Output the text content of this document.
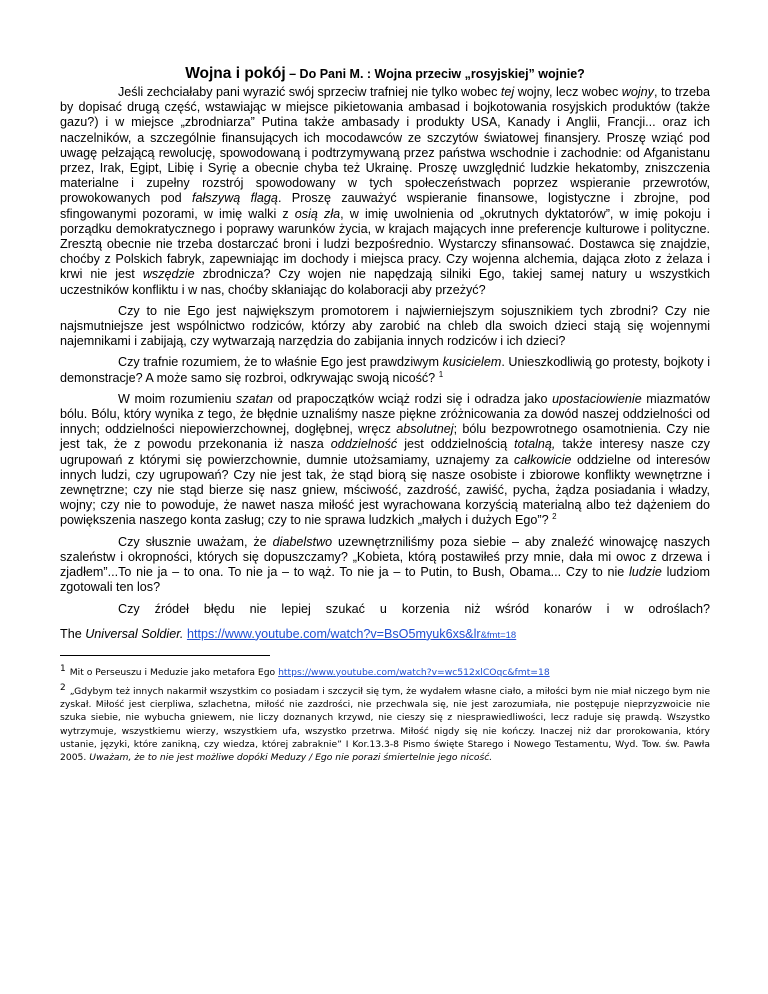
Wojna i pokój – Do Pani M. : Wojna przeciw „rosyjskiej” wojnie?

Jeśli zechciałaby pani wyrazić swój sprzeciw trafniej nie tylko wobec tej wojny, lecz wobec wojny, to trzeba by dopisać drugą część, wstawiając w miejsce pikietowania ambasad i bojkotowania rosyjskich produktów (także gazu?) i w miejsce „zbrodniarza” Putina także ambasady i produkty USA, Kanady i Anglii, Francji... oraz ich naczelników, a szczególnie finansujących ich mocodawców ze szczytów światowej finansjery. Proszę wziąć pod uwagę pełzającą rewolucję, spowodowaną i podtrzymywaną przez państwa wschodnie i zachodnie: od Afganistanu przez, Irak, Egipt, Libię i Syrię a obecnie chyba też Ukrainę. Proszę uwzględnić ludzkie hekatomby, zniszczenia materialne i zupełny rozstrój spowodowany w tych społeczeństwach poprzez wspieranie przewrotów, prowokowanych pod fałszywą flagą. Proszę zauważyć wspieranie finansowe, logistyczne i zbrojne, pod sfingowanymi pozorami, w imię walki z osią zła, w imię uwolnienia od „okrutnych dyktatorów”, w imię pokoju i porządku demokratycznego i poprawy warunków życia, w krajach mających inne preferencje kulturowe i polityczne. Zresztą obecnie nie trzeba dostarczać broni i ludzi bezpośrednio. Wystarczy sfinansować. Dostawca się znajdzie, choćby z Polskich fabryk, zapewniając im dochody i miejsca pracy. Czy wojenna alchemia, dająca złoto z żelaza i krwi nie jest wszędzie zbrodnicza? Czy wojen nie napędzają silniki Ego, takiej samej natury u wszystkich uczestników konfliktu i w nas, choćby skłaniając do kolaboracji aby przeżyć?

Czy to nie Ego jest największym promotorem i najwierniejszym sojusznikiem tych zbrodni? Czy nie najsmutniejsze jest wspólnictwo rodziców, którzy aby zarobić na chleb dla swoich dzieci stają się wojennymi najemnikami i zabijają, czy wytwarzają narzędzia do zabijania innych rodziców i ich dzieci?

Czy trafnie rozumiem, że to właśnie Ego jest prawdziwym kusicielem. Unieszkodliwią go protesty, bojkoty i demonstracje? A może samo się rozbroi, odkrywając swoją nicość? $^1$

W moim rozumieniu szatan od prapoczątków wciąż rodzi się i odradza jako upostaciowienie miazmatów bólu. Bólu, który wynika z tego, że błędnie uznaliśmy nasze piękne zróżnicowania za dowód naszej oddzielności od innych; oddzielności niepowierzchownej, dogłębnej, wręcz absolutnej; bólu bezpowrotnego osamotnienia. Czy nie jest tak, że z powodu przekonania iż nasza oddzielność jest oddzielnością totalną, także interesy nasze czy ugrupowań z którymi się powierzchownie, dumnie utożsamiamy, uznajemy za całkowicie oddzielne od interesów innych ludzi, czy ugrupowań? Czy nie jest tak, że stąd biorą się nasze osobiste i zbiorowe konflikty wewnętrzne i zewnętrzne; czy nie stąd bierze się nasz gniew, mściwość, zazdrość, zawiść, pycha, żądza posiadania i władzy, wojny; czy nie to powoduje, że nawet nasza miłość jest wyrachowana korzyścią materialną albo też dążeniem do powiększenia naszego konta zasług; czy to nie sprawa ludzkich „małych i dużych Ego”? $^2$

Czy słusznie uważam, że diabelstwo uzewnętrzniliśmy poza siebie – aby znaleźć winowajcę naszych szaleństw i okropności, których się dopuszczamy? „Kobieta, którą postawiłeś przy mnie, dała mi owoc z drzewa i zjadłem”...To nie ja – to ona. To nie ja – to wąż. To nie ja – to Putin, to Bush, Obama... Czy to nie ludzie ludziom zgotowali ten los?

Czy źródeł błędu nie lepiej szukać u korzenia niż wśród konarów i w odroślach?

The Universal Soldier. https://www.youtube.com/watch?v=BsO5myuk6xs&lr&fmt=18

1 Mit o Perseuszu i Meduzie jako metafora Ego https://www.youtube.com/watch?v=wc512xlCOqc&fmt=18

2 „Gdybym też innych nakarmił wszystkim co posiadam i szczycił się tym, że wydałem własne ciało, a miłości bym nie miał niczego bym nie zyskał. Miłość jest cierpliwa, szlachetna, miłość nie zazdrości, nie przechwala się, nie jest zarozumiała, nie postępuje nieprzyzwoicie nie szuka siebie, nie wybucha gniewem, nie liczy doznanych krzywd, nie cieszy się z niesprawiedliwości, lecz raduje się prawdą. Wszystko wytrzymuje, wszystkiemu wierzy, wszystkiem ufa, wszystko przetrwa. Miłość nigdy się nie kończy. Inaczej niż dar prorokowania, który ustanie, języki, które zanikną, czy wiedza, której zabraknie” I Kor.13.3-8 Pismo święte Starego i Nowego Testamentu, Wyd. Tow. św. Pawła 2005. Uważam, że to nie jest możliwe dopóki Meduzy / Ego nie porazi śmiertelnie jego nicość.
